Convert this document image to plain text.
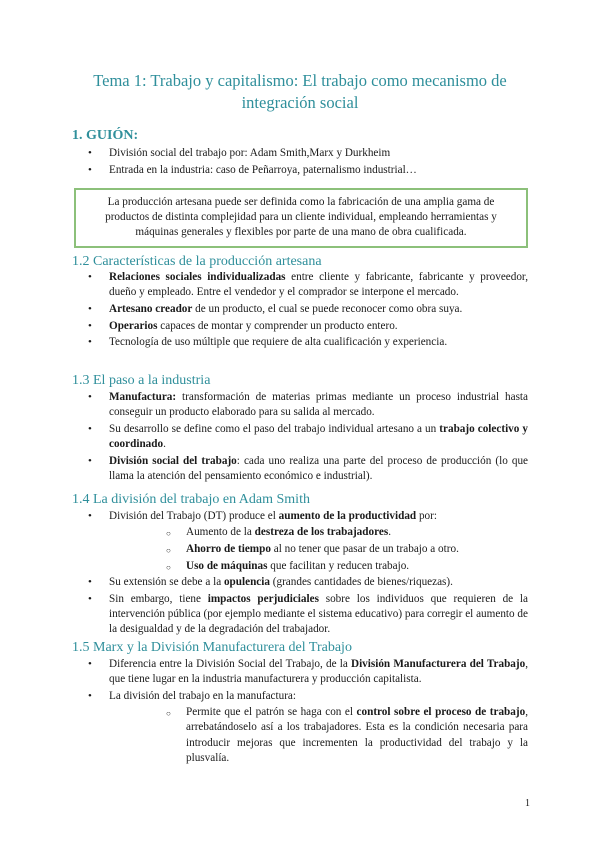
Tema 1: Trabajo y capitalismo: El trabajo como mecanismo de integración social
1. GUIÓN:
• División social del trabajo por: Adam Smith,Marx y Durkheim
• Entrada en la industria: caso de Peñarroya, paternalismo industrial…
La producción artesana puede ser definida como la fabricación de una amplia gama de productos de distinta complejidad para un cliente individual, empleando herramientas y máquinas generales y flexibles por parte de una mano de obra cualificada.
1.2 Características de la producción artesana
• Relaciones sociales individualizadas entre cliente y fabricante, fabricante y proveedor, dueño y empleado. Entre el vendedor y el comprador se interpone el mercado.
• Artesano creador de un producto, el cual se puede reconocer como obra suya.
• Operarios capaces de montar y comprender un producto entero.
• Tecnología de uso múltiple que requiere de alta cualificación y experiencia.
1.3 El paso a la industria
• Manufactura: transformación de materias primas mediante un proceso industrial hasta conseguir un producto elaborado para su salida al mercado.
• Su desarrollo se define como el paso del trabajo individual artesano a un trabajo colectivo y coordinado.
• División social del trabajo: cada uno realiza una parte del proceso de producción (lo que llama la atención del pensamiento económico e industrial).
1.4 La división del trabajo en Adam Smith
• División del Trabajo (DT) produce el aumento de la productividad por:
○ Aumento de la destreza de los trabajadores.
○ Ahorro de tiempo al no tener que pasar de un trabajo a otro.
○ Uso de máquinas que facilitan y reducen trabajo.
• Su extensión se debe a la opulencia (grandes cantidades de bienes/riquezas).
• Sin embargo, tiene impactos perjudiciales sobre los individuos que requieren de la intervención pública (por ejemplo mediante el sistema educativo) para corregir el aumento de la desigualdad y de la degradación del trabajador.
1.5 Marx y la División Manufacturera del Trabajo
• Diferencia entre la División Social del Trabajo, de la División Manufacturera del Trabajo, que tiene lugar en la industria manufacturera y producción capitalista.
• La división del trabajo en la manufactura:
○ Permite que el patrón se haga con el control sobre el proceso de trabajo, arrebatándoselo así a los trabajadores. Esta es la condición necesaria para introducir mejoras que incrementen la productividad del trabajo y la plusvalía.
1
